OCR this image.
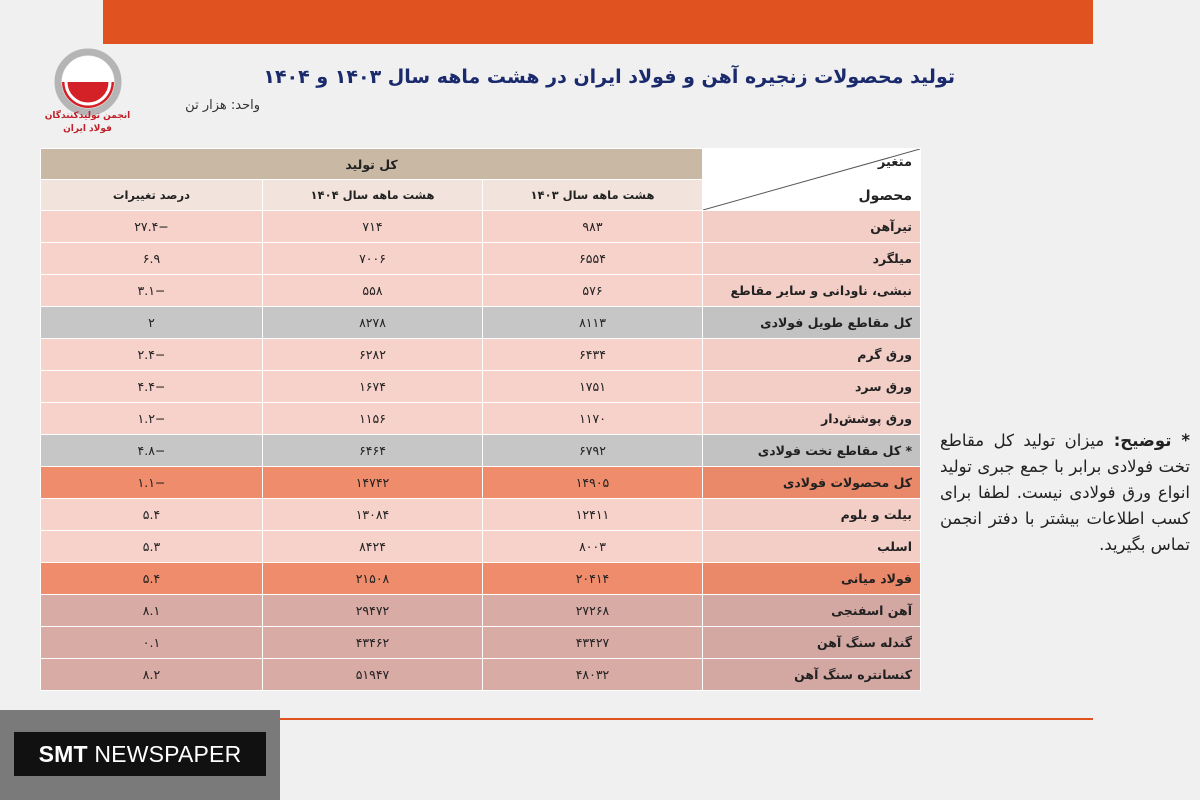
انجمن تولیدکنندگان
فولاد ایران
تولید محصولات زنجیره آهن و فولاد ایران در هشت ماهه سال ۱۴۰۳ و ۱۴۰۴
واحد: هزار تن
متغیر
محصول	کل تولید		
	هشت ماهه سال ۱۴۰۳	هشت ماهه سال ۱۴۰۴	درصد تغییرات
تیرآهن	۹۸۳	۷۱۴	−۲۷.۴
میلگرد	۶۵۵۴	۷۰۰۶	۶.۹
نبشی، ناودانی و سایر مقاطع	۵۷۶	۵۵۸	−۳.۱
کل مقاطع طویل فولادی	۸۱۱۳	۸۲۷۸	۲
ورق گرم	۶۴۳۴	۶۲۸۲	−۲.۴
ورق سرد	۱۷۵۱	۱۶۷۴	−۴.۴
ورق پوشش‌دار	۱۱۷۰	۱۱۵۶	−۱.۲
* کل مقاطع تخت فولادی	۶۷۹۲	۶۴۶۴	−۴.۸
کل محصولات فولادی	۱۴۹۰۵	۱۴۷۴۲	−۱.۱
بیلت و بلوم	۱۲۴۱۱	۱۳۰۸۴	۵.۴
اسلب	۸۰۰۳	۸۴۲۴	۵.۳
فولاد میانی	۲۰۴۱۴	۲۱۵۰۸	۵.۴
آهن اسفنجی	۲۷۲۶۸	۲۹۴۷۲	۸.۱
گندله سنگ آهن	۴۳۴۲۷	۴۳۴۶۲	۰.۱
کنسانتره سنگ آهن	۴۸۰۳۲	۵۱۹۴۷	۸.۲
* توضیح: میزان تولید کل مقاطع تخت فولادی برابر با جمع جبری تولید انواع ورق فولادی نیست. لطفا برای کسب اطلاعات بیشتر با دفتر انجمن تماس بگیرید.
SMT NEWSPAPER
